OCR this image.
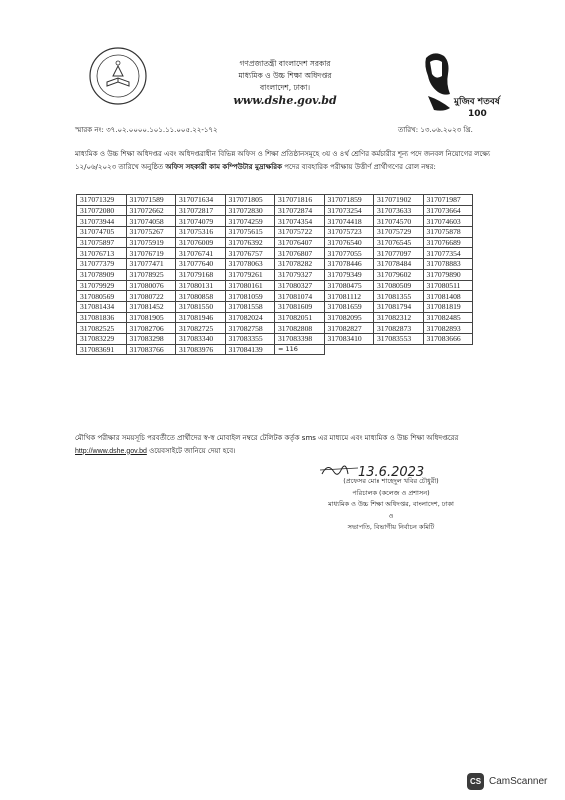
গণপ্রজাতন্ত্রী বাংলাদেশ সরকার
মাধ্যমিক ও উচ্চ শিক্ষা অধিদপ্তর
বাংলাদেশ, ঢাকা।
www.dshe.gov.bd	মুজিব শতবর্ষ
100
স্মারক নং: ৩৭.০২.০০০০.১০১.১১.০০৫.২২-১৭২	তারিখ: ১৩.০৬.২০২৩ খ্রি.
মাধ্যমিক ও উচ্চ শিক্ষা অধিদপ্তর এবং অধিদপ্তরাধীন বিভিন্ন অফিস ও শিক্ষা প্রতিষ্ঠানসমূহে ৩য় ও ৪র্থ শ্রেণির কর্মচারীর শূন্য পদে জনবল নিয়োগের লক্ষ্যে ১২/০৬/২০২৩ তারিখে অনুষ্ঠিত অফিস সহকারী কাম কম্পিউটার মুদ্রাক্ষরিক পদের ব্যবহারিক পরীক্ষায় উত্তীর্ণ প্রার্থীগণের রোল নম্বর:
317071329	317071589	317071634	317071805	317071816	317071859	317071902	317071987
317072080	317072662	317072817	317072830	317072874	317073254	317073633	317073664
317073944	317074058	317074079	317074259	317074354	317074418	317074570	317074603
317074705	317075267	317075316	317075615	317075722	317075723	317075729	317075878
317075897	317075919	317076009	317076392	317076407	317076540	317076545	317076689
317076713	317076719	317076741	317076757	317076807	317077055	317077097	317077354
317077379	317077471	317077640	317078063	317078282	317078446	317078484	317078883
317078909	317078925	317079168	317079261	317079327	317079349	317079602	317079890
317079929	317080076	317080131	317080161	317080327	317080475	317080509	317080511
317080569	317080722	317080858	317081059	317081074	317081112	317081355	317081408
317081434	317081452	317081550	317081558	317081609	317081659	317081794	317081819
317081836	317081905	317081946	317082024	317082051	317082095	317082312	317082485
317082525	317082706	317082725	317082758	317082808	317082827	317082873	317082893
317083229	317083298	317083340	317083355	317083398	317083410	317083553	317083666
317083691	317083766	317083976	317084139	= 116			
মৌখিক পরীক্ষার সময়সূচি পরবর্তীতে প্রার্থীদের স্ব-স্ব মোবাইল নম্বরে টেলিটক কর্তৃক sms এর মাধ্যমে এবং মাধ্যমিক ও উচ্চ শিক্ষা অধিদপ্তরের http://www.dshe.gov.bd ওয়েবসাইটে জানিয়ে দেয়া হবে।
13.6.2023
(প্রফেসর মোঃ শাহেদুল খবির চৌধুরী)
পরিচালক (কলেজ ও প্রশাসন)
মাধ্যমিক ও উচ্চ শিক্ষা অধিদপ্তর, বাংলাদেশ, ঢাকা
ও
সভাপতি, বিভাগীয় নির্বাচন কমিটি
CS CamScanner
